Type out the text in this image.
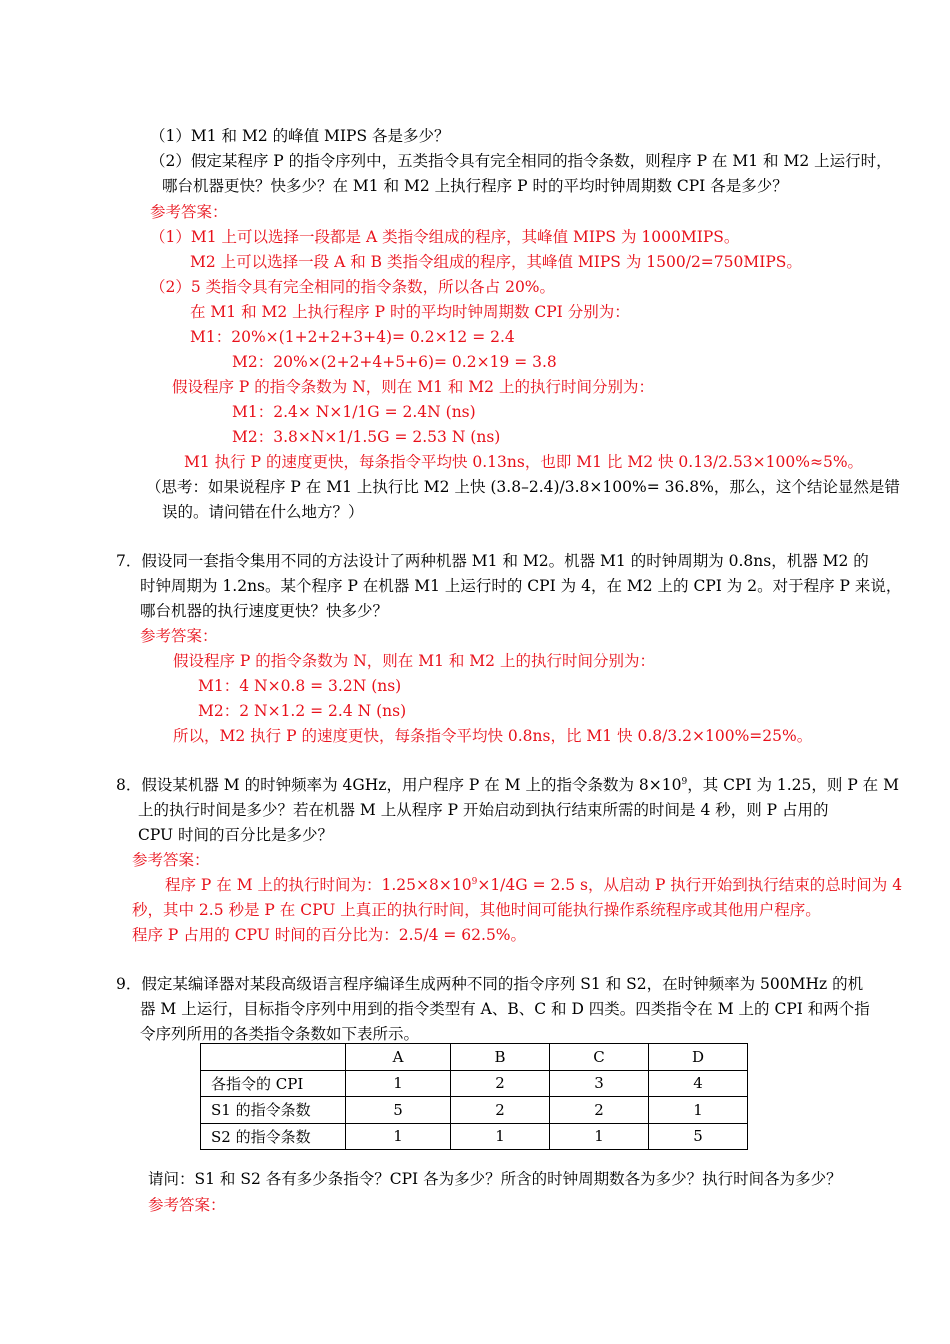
（1）M1 和 M2 的峰值 MIPS 各是多少？
（2）假定某程序 P 的指令序列中，五类指令具有完全相同的指令条数，则程序 P 在 M1 和 M2 上运行时，
哪台机器更快？快多少？在 M1 和 M2 上执行程序 P 时的平均时钟周期数 CPI 各是多少？
参考答案：
（1）M1 上可以选择一段都是 A 类指令组成的程序，其峰值 MIPS 为 1000MIPS。
M2 上可以选择一段 A 和 B 类指令组成的程序，其峰值 MIPS 为 1500/2=750MIPS。
（2）5 类指令具有完全相同的指令条数，所以各占 20%。
在 M1 和 M2 上执行程序 P 时的平均时钟周期数 CPI 分别为：
M1：20%×(1+2+2+3+4)= 0.2×12 = 2.4
M2：20%×(2+2+4+5+6)= 0.2×19 = 3.8
假设程序 P 的指令条数为 N，则在 M1 和 M2 上的执行时间分别为：
M1：2.4× N×1/1G = 2.4N (ns)
M2：3.8×N×1/1.5G = 2.53 N (ns)
M1 执行 P 的速度更快，每条指令平均快 0.13ns，也即 M1 比 M2 快 0.13/2.53×100%≈5%。
（思考：如果说程序 P 在 M1 上执行比 M2 上快 (3.8–2.4)/3.8×100%= 36.8%，那么，这个结论显然是错
误的。请问错在什么地方？）
7．假设同一套指令集用不同的方法设计了两种机器 M1 和 M2。机器 M1 的时钟周期为 0.8ns，机器 M2 的
时钟周期为 1.2ns。某个程序 P 在机器 M1 上运行时的 CPI 为 4，在 M2 上的 CPI 为 2。对于程序 P 来说，
哪台机器的执行速度更快？快多少？
参考答案：
假设程序 P 的指令条数为 N，则在 M1 和 M2 上的执行时间分别为：
M1：4 N×0.8 = 3.2N (ns)
M2：2 N×1.2 = 2.4 N (ns)
所以，M2 执行 P 的速度更快，每条指令平均快 0.8ns，比 M1 快 0.8/3.2×100%=25%。
8．假设某机器 M 的时钟频率为 4GHz，用户程序 P 在 M 上的指令条数为 $8\times 10^9$，其 CPI 为 1.25，则 P 在 M
上的执行时间是多少？若在机器 M 上从程序 P 开始启动到执行结束所需的时间是 4 秒，则 P 占用的
CPU 时间的百分比是多少？
参考答案：
程序 P 在 M 上的执行时间为：$1.25\times 8\times 10^9\times 1/4G = 2.5$ s，从启动 P 执行开始到执行结束的总时间为 4
秒，其中 2.5 秒是 P 在 CPU 上真正的执行时间，其他时间可能执行操作系统程序或其他用户程序。
程序 P 占用的 CPU 时间的百分比为：2.5/4 = 62.5%。
9．假定某编译器对某段高级语言程序编译生成两种不同的指令序列 S1 和 S2，在时钟频率为 500MHz 的机
器 M 上运行，目标指令序列中用到的指令类型有 A、B、C 和 D 四类。四类指令在 M 上的 CPI 和两个指
令序列所用的各类指令条数如下表所示。
	A	B	C	D
各指令的 CPI	1	2	3	4
S1 的指令条数	5	2	2	1
S2 的指令条数	1	1	1	5
请问：S1 和 S2 各有多少条指令？CPI 各为多少？所含的时钟周期数各为多少？执行时间各为多少？
参考答案：
